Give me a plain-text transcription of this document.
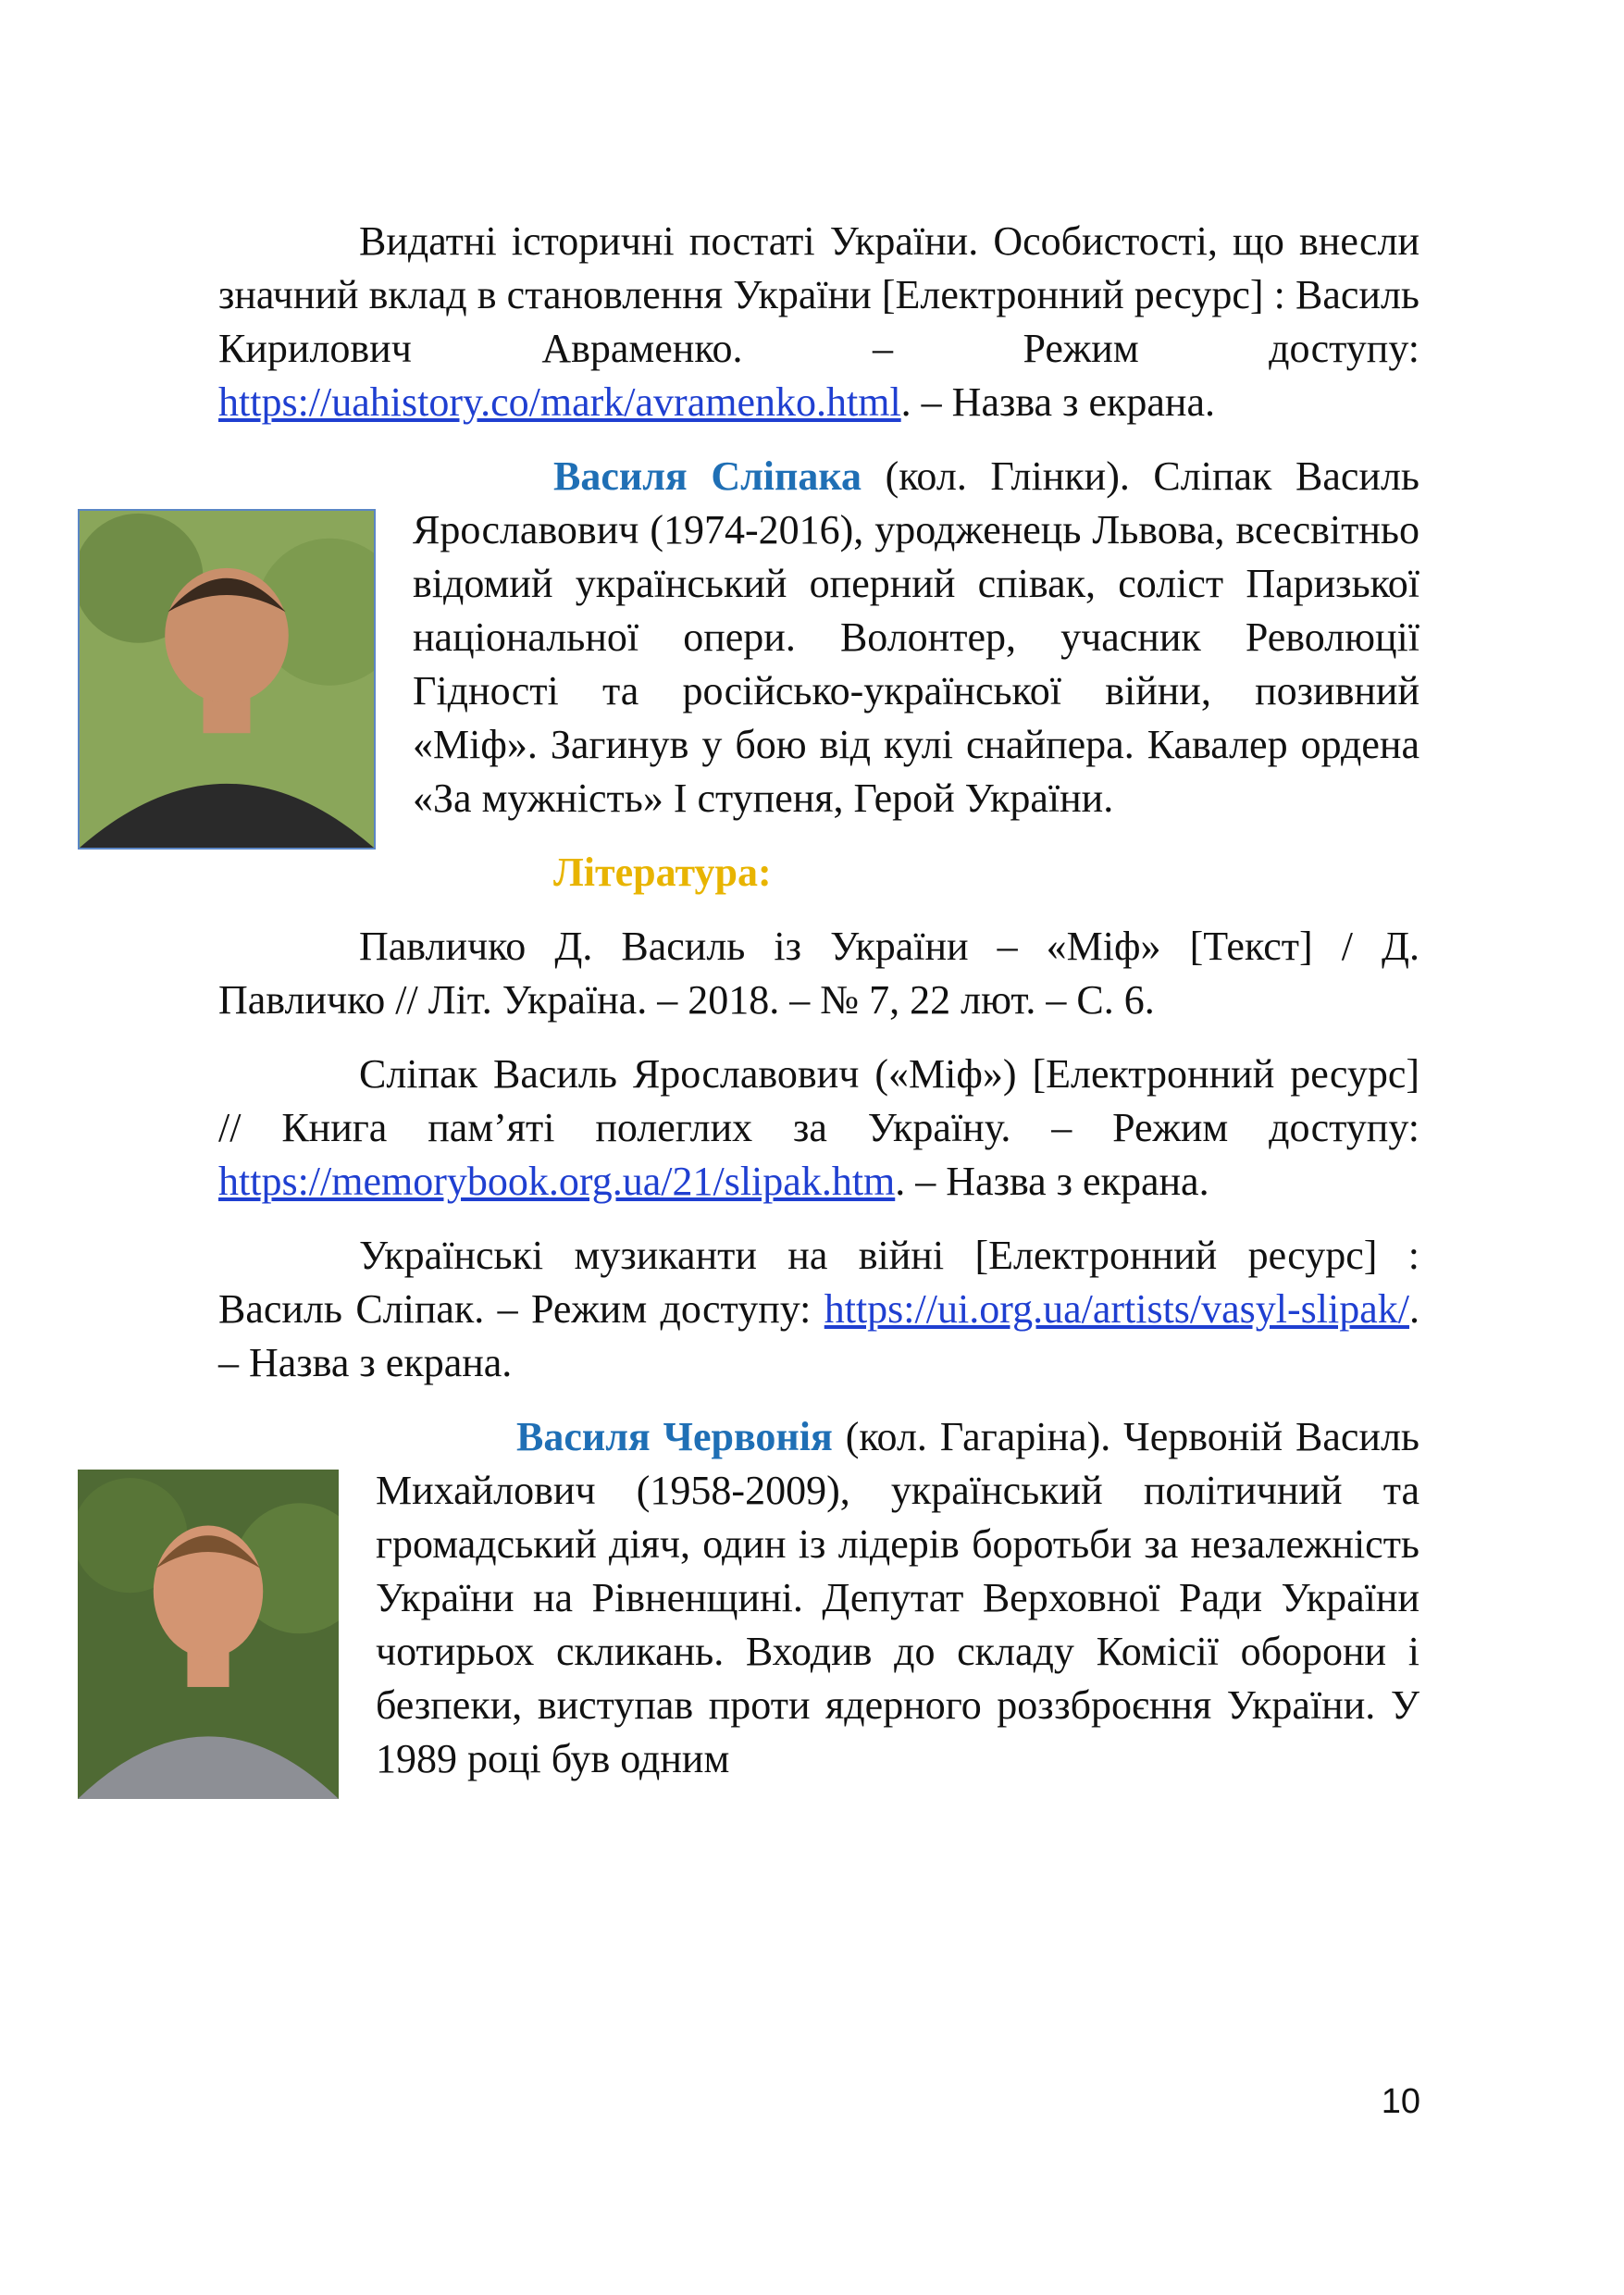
Видатні історичні постаті України. Особистості, що внесли значний вклад в становлення України [Електронний ресурс] : Василь Кирилович Авраменко. – Режим доступу: https://uahistory.co/mark/avramenko.html. – Назва з екрана.

Василя Сліпака
(кол. Глінки). Сліпак Василь Ярославович (1974-2016), уродженець Львова, всесвітньо відомий український оперний співак, соліст Паризької національної опери. Волонтер, учасник Революції Гідності та російсько-української війни, позивний «Міф». Загинув у бою від кулі снайпера. Кавалер ордена «За мужність» І ступеня, Герой України.

Література:

Павличко Д. Василь із України – «Міф» [Текст] / Д. Павличко // Літ. Україна. – 2018. – № 7, 22 лют. – С. 6.

Сліпак Василь Ярославович («Міф») [Електронний ресурс] // Книга пам’яті полеглих за Україну. – Режим доступу: https://memorybook.org.ua/21/slipak.htm. – Назва з екрана.

Українські музиканти на війні [Електронний ресурс] : Василь Сліпак. – Режим доступу: https://ui.org.ua/artists/vasyl-slipak/. – Назва з екрана.

Василя Червонія
(кол. Гагаріна). Червоній Василь Михайлович (1958-2009), український політичний та громадський діяч, один із лідерів боротьби за незалежність України на Рівненщині. Депутат Верховної Ради України чотирьох скликань. Входив до складу Комісії оборони і безпеки, виступав проти ядерного роззброєння України. У 1989 році був одним

10
